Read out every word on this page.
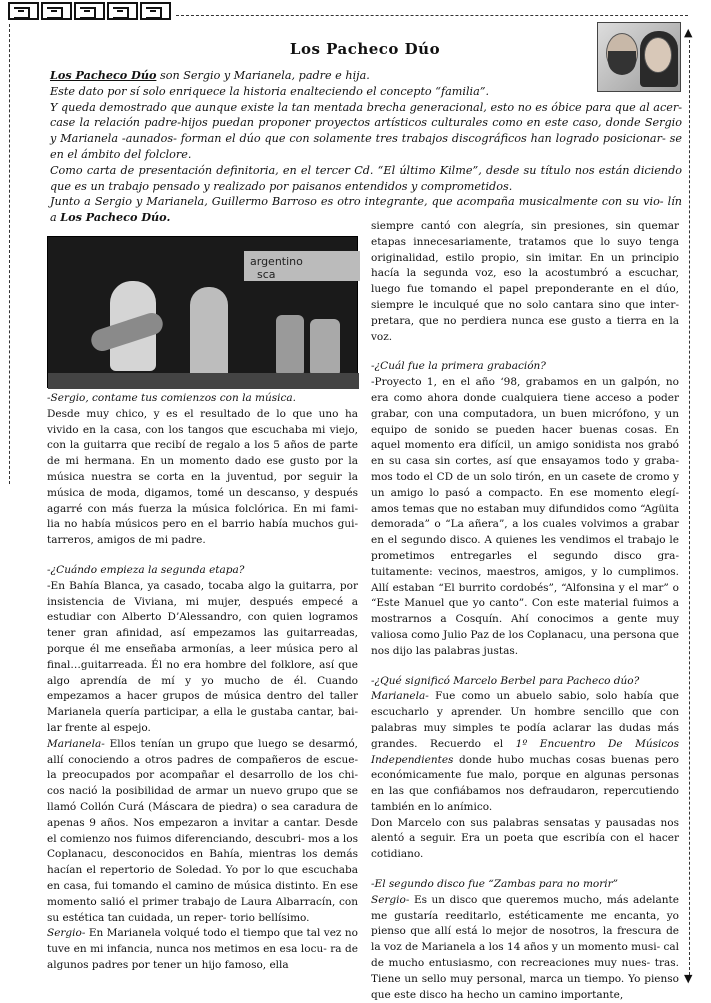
▲
▼
Los Pacheco Dúo

Los Pacheco Dúo son Sergio y Marianela, padre e hija.

Este dato por sí solo enriquece la historia enalteciendo el concepto “familia”.

Y queda demostrado que aunque existe la tan mentada brecha generacional, esto no es óbice para que al acer- case la relación padre-hijos puedan proponer proyectos artísticos culturales como en este caso, donde Sergio y Marianela -aunados- forman el dúo que con solamente tres trabajos discográficos han logrado posicionar- se en el ámbito del folclore.

Como carta de presentación definitoria, en el tercer Cd. “El último Kilme”, desde su título nos están diciendo que es un trabajo pensado y realizado por paisanos entendidos y comprometidos.

Junto a Sergio y Marianela, Guillermo Barroso es otro integrante, que acompaña musicalmente con su vio- lín a Los Pacheco Dúo.

argentino
sca

-Sergio, contame tus comienzos con la música.

Desde muy chico, y es el resultado de lo que uno ha vivido en la casa, con los tangos que escuchaba mi viejo, con la guitarra que recibí de regalo a los 5 años de parte de mi hermana. En un momento dado ese gusto por la música nuestra se corta en la juventud, por seguir la música de moda, digamos, tomé un descanso, y después agarré con más fuerza la música folclórica. En mi fami- lia no había músicos pero en el barrio había muchos gui- tarreros, amigos de mi padre.

-¿Cuándo empieza la segunda etapa?

-En Bahía Blanca, ya casado, tocaba algo la guitarra, por insistencia de Viviana, mi mujer, después empecé a estudiar con Alberto D’Alessandro, con quien logramos tener gran afinidad, así empezamos las guitarreadas, porque él me enseñaba armonías, a leer música pero al final…guitarreada. Él no era hombre del folklore, así que algo aprendía de mí y yo mucho de él. Cuando empezamos a hacer grupos de música dentro del taller Marianela quería participar, a ella le gustaba cantar, bai- lar frente al espejo.

Marianela- Ellos tenían un grupo que luego se desarmó, allí conociendo a otros padres de compañeros de escue- la preocupados por acompañar el desarrollo de los chi- cos nació la posibilidad de armar un nuevo grupo que se llamó Collón Curá (Máscara de piedra) o sea caradura de apenas 9 años. Nos empezaron a invitar a cantar. Desde el comienzo nos fuimos diferenciando, descubri- mos a los Coplanacu, desconocidos en Bahía, mientras los demás hacían el repertorio de Soledad. Yo por lo que escuchaba en casa, fui tomando el camino de música distinto. En ese momento salió el primer trabajo de Laura Albarracín, con su estética tan cuidada, un reper- torio bellísimo.

Sergio- En Marianela volqué todo el tiempo que tal vez no tuve en mi infancia, nunca nos metimos en esa locu- ra de algunos padres por tener un hijo famoso, ella

siempre cantó con alegría, sin presiones, sin quemar etapas innecesariamente, tratamos que lo suyo tenga originalidad, estilo propio, sin imitar. En un principio hacía la segunda voz, eso la acostumbró a escuchar, luego fue tomando el papel preponderante en el dúo, siempre le inculqué que no solo cantara sino que inter- pretara, que no perdiera nunca ese gusto a tierra en la voz.

-¿Cuál fue la primera grabación?

-Proyecto 1, en el año ‘98, grabamos en un galpón, no era como ahora donde cualquiera tiene acceso a poder grabar, con una computadora, un buen micrófono, y un equipo de sonido se pueden hacer buenas cosas. En aquel momento era difícil, un amigo sonidista nos grabó en su casa sin cortes, así que ensayamos todo y graba- mos todo el CD de un solo tirón, en un casete de cromo y un amigo lo pasó a compacto. En ese momento elegí- amos temas que no estaban muy difundidos como “Agüita demorada” o “La añera”, a los cuales volvimos a grabar en el segundo disco. A quienes les vendimos el trabajo le prometimos entregarles el segundo disco gra- tuitamente: vecinos, maestros, amigos, y lo cumplimos. Allí estaban “El burrito cordobés”, “Alfonsina y el mar” o “Este Manuel que yo canto”. Con este material fuimos a mostrarnos a Cosquín. Ahí conocimos a gente muy valiosa como Julio Paz de los Coplanacu, una persona que nos dijo las palabras justas.

-¿Qué significó Marcelo Berbel para Pacheco dúo?

Marianela- Fue como un abuelo sabio, solo había que escucharlo y aprender. Un hombre sencillo que con palabras muy simples te podía aclarar las dudas más grandes. Recuerdo el 1º Encuentro De Músicos Independientes donde hubo muchas cosas buenas pero económicamente fue malo, porque en algunas personas en las que confiábamos nos defraudaron, repercutiendo también en lo anímico.

Don Marcelo con sus palabras sensatas y pausadas nos alentó a seguir. Era un poeta que escribía con el hacer cotidiano.

-El segundo disco fue “Zambas para no morir”

Sergio- Es un disco que queremos mucho, más adelante me gustaría reeditarlo, estéticamente me encanta, yo pienso que allí está lo mejor de nosotros, la frescura de la voz de Marianela a los 14 años y un momento musi- cal de mucho entusiasmo, con recreaciones muy nues- tras. Tiene un sello muy personal, marca un tiempo. Yo pienso que este disco ha hecho un camino importante,
